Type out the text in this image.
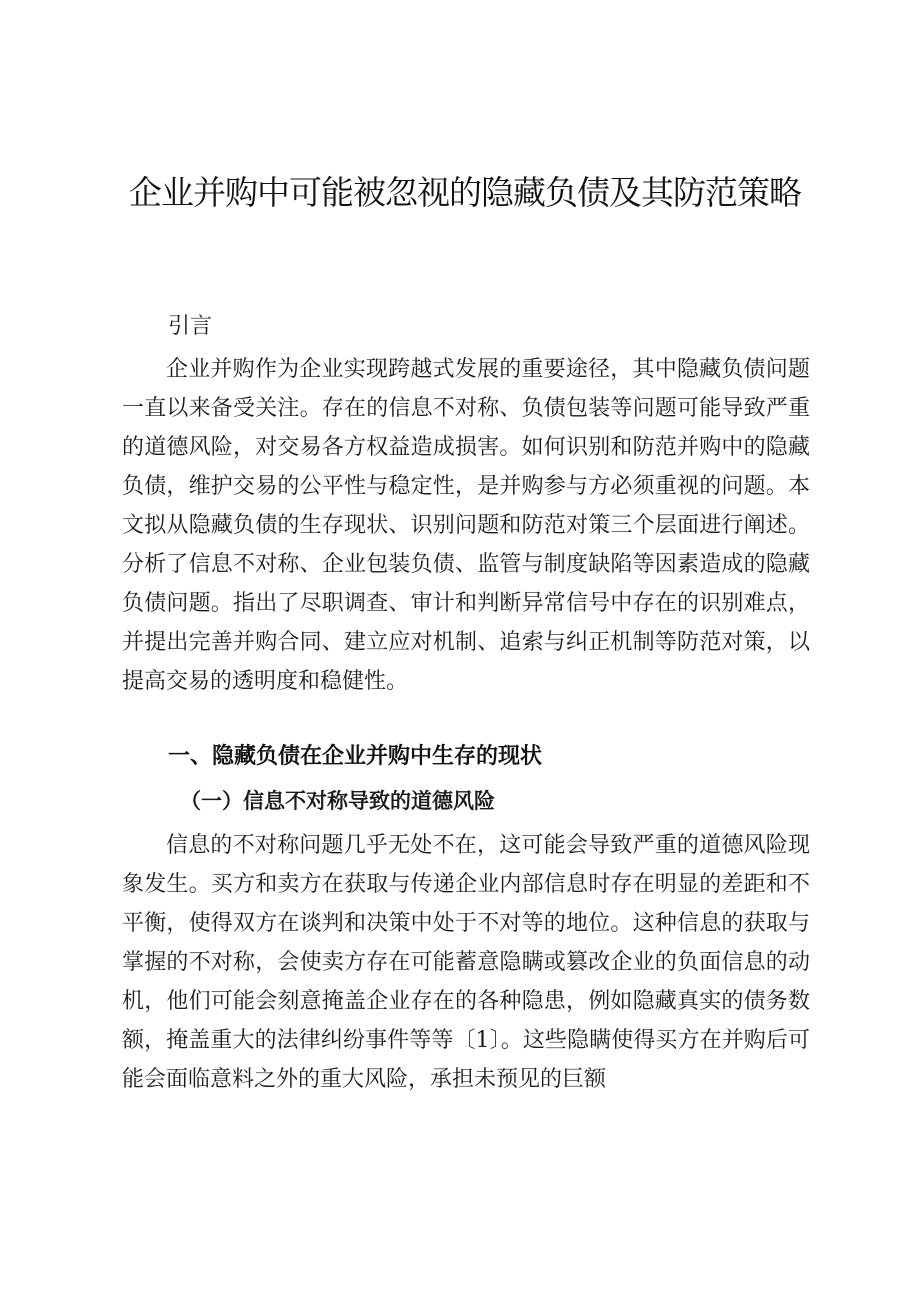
企业并购中可能被忽视的隐藏负债及其防范策略

引言

企业并购作为企业实现跨越式发展的重要途径，其中隐藏负债问题一直以来备受关注。存在的信息不对称、负债包装等问题可能导致严重的道德风险，对交易各方权益造成损害。如何识别和防范并购中的隐藏负债，维护交易的公平性与稳定性，是并购参与方必须重视的问题。本文拟从隐藏负债的生存现状、识别问题和防范对策三个层面进行阐述。分析了信息不对称、企业包装负债、监管与制度缺陷等因素造成的隐藏负债问题。指出了尽职调查、审计和判断异常信号中存在的识别难点，并提出完善并购合同、建立应对机制、追索与纠正机制等防范对策，以提高交易的透明度和稳健性。

一、隐藏负债在企业并购中生存的现状
（一）信息不对称导致的道德风险

信息的不对称问题几乎无处不在，这可能会导致严重的道德风险现象发生。买方和卖方在获取与传递企业内部信息时存在明显的差距和不平衡，使得双方在谈判和决策中处于不对等的地位。这种信息的获取与掌握的不对称，会使卖方存在可能蓄意隐瞒或篡改企业的负面信息的动机，他们可能会刻意掩盖企业存在的各种隐患，例如隐藏真实的债务数额，掩盖重大的法律纠纷事件等等〔1〕。这些隐瞒使得买方在并购后可能会面临意料之外的重大风险，承担未预见的巨额
